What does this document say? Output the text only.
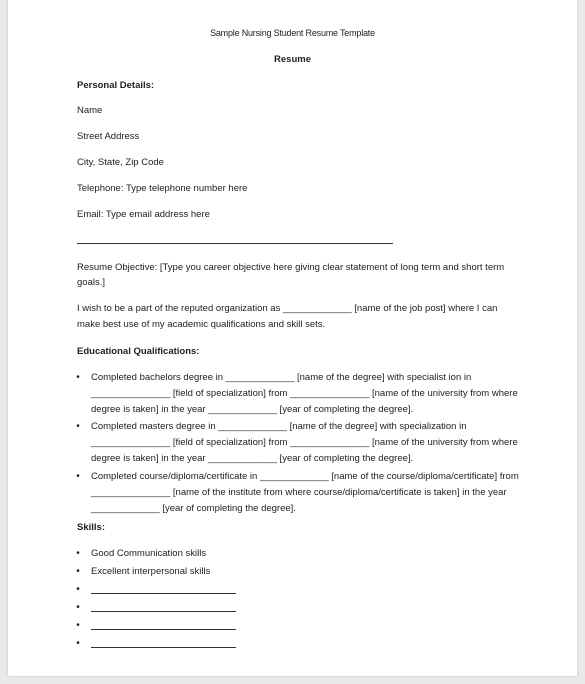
Sample Nursing Student Resume Template
Resume
Personal Details:
Name
Street Address
City, State, Zip Code
Telephone: Type telephone number here
Email: Type email address here
Resume Objective: [Type you career objective here giving clear statement of long term and short term
goals.]
I wish to be a part of the reputed organization as _____________ [name of the job post] where I can
make best use of my academic qualifications and skill sets.
Educational Qualifications:
• Completed bachelors degree in _____________ [name of the degree] with specialist ion in
_______________ [field of specialization] from _______________ [name of the university from where
degree is taken] in the year _____________ [year of completing the degree].
• Completed masters degree in _____________ [name of the degree] with specialization in
_______________ [field of specialization] from _______________ [name of the university from where
degree is taken] in the year _____________ [year of completing the degree].
• Completed course/diploma/certificate in _____________ [name of the course/diploma/certificate] from
_______________ [name of the institute from where course/diploma/certificate is taken] in the year
_____________ [year of completing the degree].
Skills:
• Good Communication skills
• Excellent interpersonal skills
•
•
•
•
